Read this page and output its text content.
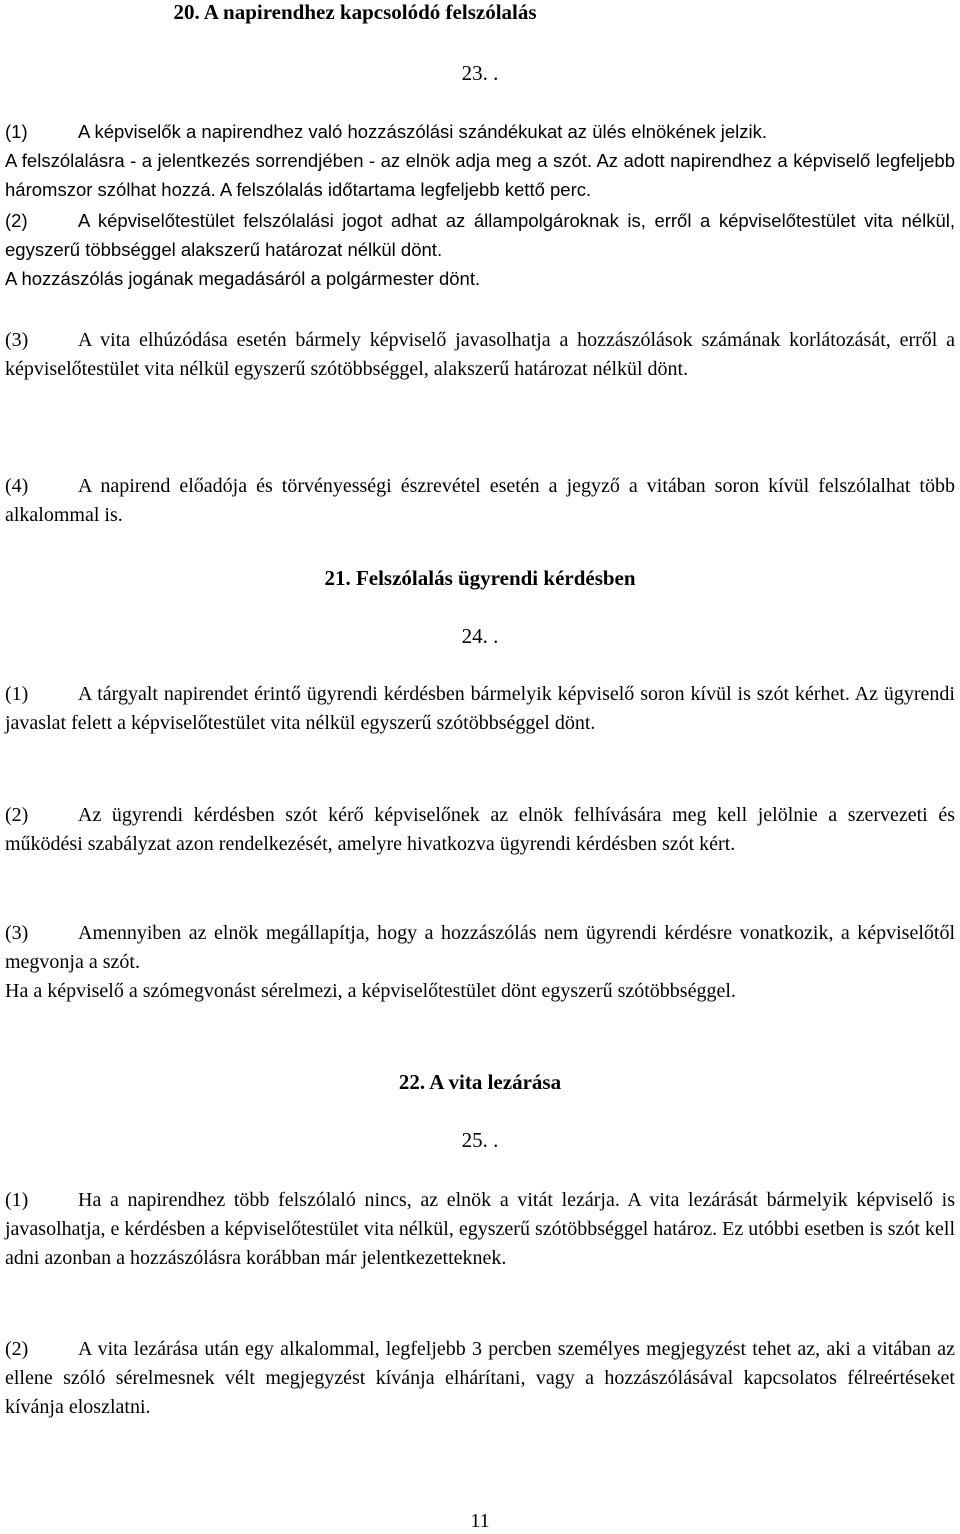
20. A napirendhez kapcsolódó felszólalás
23. .
(1)	A képviselők a napirendhez való hozzászólási szándékukat az ülés elnökének jelzik.
A felszólalásra - a jelentkezés sorrendjében - az elnök adja meg a szót. Az adott napirendhez a képviselő legfeljebb háromszor szólhat hozzá. A felszólalás időtartama legfeljebb kettő perc.
(2)	A képviselőtestület felszólalási jogot adhat az állampolgároknak is, erről a képviselőtestület vita nélkül, egyszerű többséggel alakszerű határozat nélkül dönt.
A hozzászólás jogának megadásáról a polgármester dönt.
(3) A vita elhúzódása esetén bármely képviselő javasolhatja a hozzászólások számának korlátozását, erről a képviselőtestület vita nélkül egyszerű szótöbbséggel, alakszerű határozat nélkül dönt.
(4) A napirend előadója és törvényességi észrevétel esetén a jegyző a vitában soron kívül felszólalhat több alkalommal is.
21. Felszólalás ügyrendi kérdésben
24. .
(1) A tárgyalt napirendet érintő ügyrendi kérdésben bármelyik képviselő soron kívül is szót kérhet. Az ügyrendi javaslat felett a képviselőtestület vita nélkül egyszerű szótöbbséggel dönt.
(2) Az ügyrendi kérdésben szót kérő képviselőnek az elnök felhívására meg kell jelölnie a szervezeti és működési szabályzat azon rendelkezését, amelyre hivatkozva ügyrendi kérdésben szót kért.
(3) Amennyiben az elnök megállapítja, hogy a hozzászólás nem ügyrendi kérdésre vonatkozik, a képviselőtől megvonja a szót.
Ha a képviselő a szómegvonást sérelmezi, a képviselőtestület dönt egyszerű szótöbbséggel.
22. A vita lezárása
25. .
(1) Ha a napirendhez több felszólaló nincs, az elnök a vitát lezárja. A vita lezárását bármelyik képviselő is javasolhatja, e kérdésben a képviselőtestület vita nélkül, egyszerű szótöbbséggel határoz. Ez utóbbi esetben is szót kell adni azonban a hozzászólásra korábban már jelentkezetteknek.
(2) A vita lezárása után egy alkalommal, legfeljebb 3 percben személyes megjegyzést tehet az, aki a vitában az ellene szóló sérelmesnek vélt megjegyzést kívánja elhárítani, vagy a hozzászólásával kapcsolatos félreértéseket kívánja eloszlatni.
11
